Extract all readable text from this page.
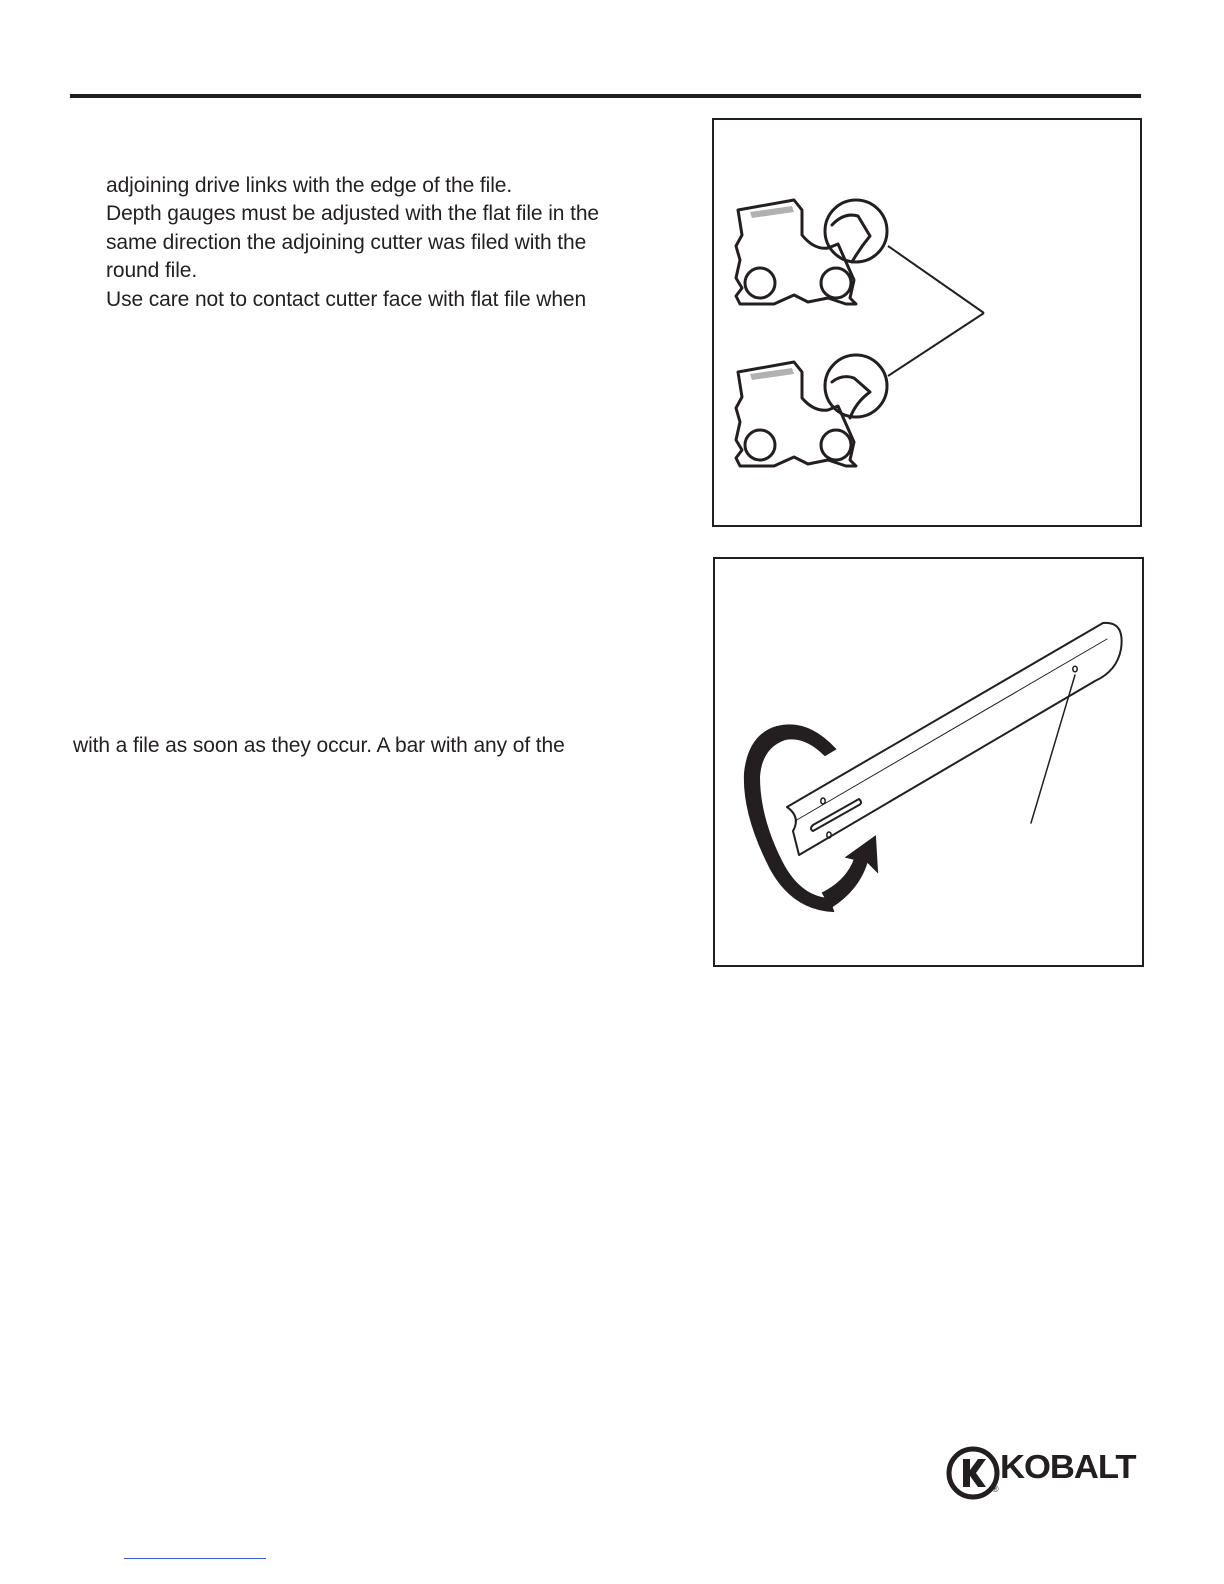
adjoining drive links with the edge of the file.
Depth gauges must be adjusted with the flat file in the
same direction the adjoining cutter was filed with the
round file.
Use care not to contact cutter face with flat file when
with a file as soon as they occur. A bar with any of the
KOBALT
®
